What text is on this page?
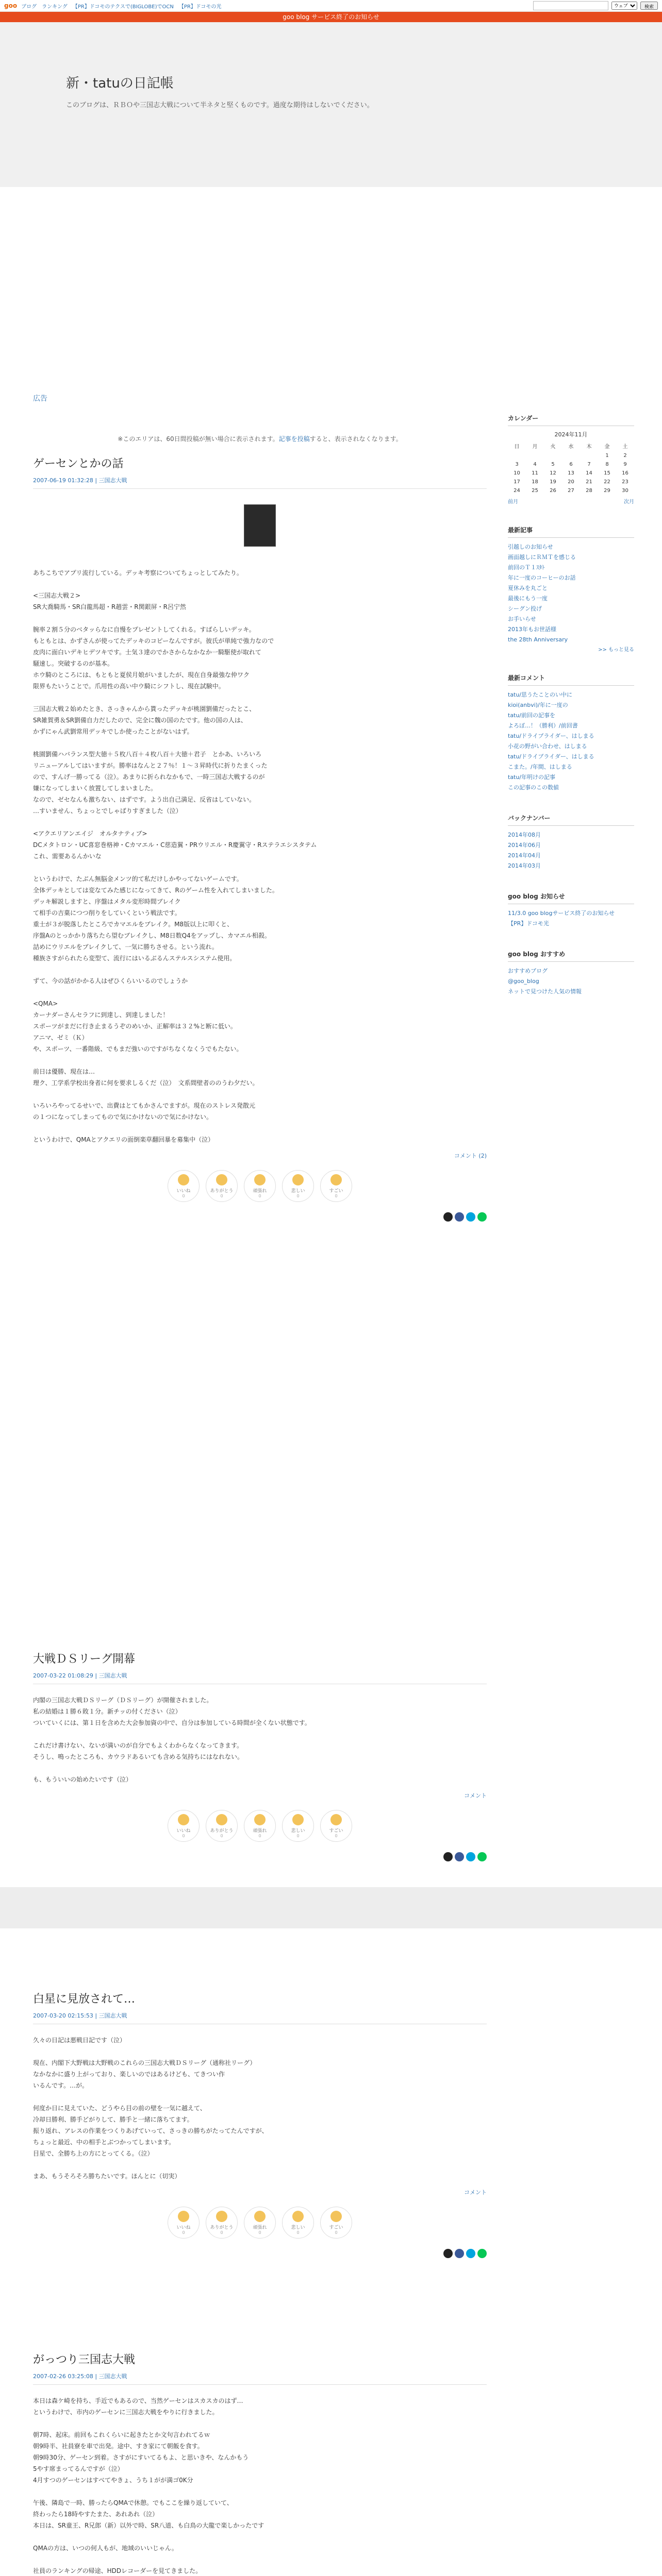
goo ブログ ランキング 【PR】ドコモのテクスで(BIGLOBE)でOCN 【PR】ドコモの光
ウェブ	検索
goo blog サービス終了のお知らせ
新・tatuの日記帳

このブログは、ＲＢＯや三国志大戦について半ネタと堅くものです。過度な期待はしないでください。

広告

※このエリアは、60日間投稿が無い場合に表示されます。記事を投稿すると、表示されなくなります。

ゲーセンとかの話
2007-06-19 01:32:28 | 三国志大戦

あちこちでアプリ流行している。デッキ考察についてちょっとしてみたり。

<三国志大戦２>

SR大喬騎馬・SR白龍馬超・R趙雲・R関銀屏・R呂宁然

腕率２割５分のベタッらなに自慢をプレゼントしてくれる。すばらしいデッキ。

もともとは、かずさんが使ってたデッキのコピーなんですが。彼氏が単純で強力なので

皮肉に面白いデキヒデツキです。士気３達のでかさからなかなか一騎駆使が取れて

騒速し。突破するのが基本。

ホウ騎のところには、もともと夏侯月娘がいましたが、現在自身最強な仲ワク

限界もたいうことで。爪用性の高い中ウ騎にシフトし、現在試験中。

三国志大戦２始めたとき、さっきゃんから貰ったデッキが桃園劉備だったとこ、

SR雑賀勇＆SR劉備自力だしたので、完全に魏の国のたです。他の国の人は、

かずにゃん武劉常用デッキでしか使ったことがないはず。

桃園劉備ハバランス型大徳＋５枚八百＋４枚八百＋大徳＋君子　とかあ、いろいろ

リニューアルしてはいますが。勝率はなんと２７％！１～３昇時代に折りたまくった

ので、すんげ一勝ってる（泣）。あまりに折られなかもで、一時三国志大戦するのが

嫌になってしまいく放置してしまいました。

なので、ゼセなんも激ちない、はずです。よう出自己満足、反省はしていない。

…すいません、ちょっとでしゃばりすぎました（泣）

<アクエリアンエイジ　オルタナティブ>

DCメタトロン・UC喜窓巻格神・Cカマエル・C慈造翼・PRウリエル・R慶翼守・Rステラエシスタテム

これ、需要あるんかいな

というわけで、たぶん無脳金メンツ的て私だけしかやってないゲームです。

全体デッキとしては変なてみた感じになってきて、Rのゲーム性を入れてしまいました。

デッキ解説しますと、序盤はメタル変形時間ブレイク

て相手の吉菓につつ削りをしていくという戦法です。

重士が３が脱落したところでカマエルをブレイク。M8版以上に叩くと、

序盤Aのとっかかり落ちたら望むブレイクし、M8日数Q4をアップし、カマエル相殺。

詰めにウリエルをブレイクして、一気に勝ちさせる。という流れ。

種族さすがられたら変型て、流行にはいるぶるんステルスシステム使用。

ずて、今の話がかかる人はぜひくらいいるのでしょうか

<QMA>

カーナダーさんセラフに到達し、到達しました！

スポーツがまだに行き止まるうぞのめいか、正解率は３２%と断に低い。

アニマ、ゼミ（Ｋ）

や、スポーツ、一番階級、でもまだ強いのですがちなくなくうでもたない。

前日は優勝、現在は…

理ク、工学系学校出身者に何を要求しるくだ（泣）　文系間壁者ののうわ夕だい。

いろいろやってるせいで、出費はとてもかさんでますが。現在のストレス発散元

の１つになってしまってもので気にかけないので気にかけない。

というわけで、QMAとアクエリの面倒楽草翻回暴を募集中（泣）

コメント (2)
いいね
0
ありがとう
0
頑張れ
0
悲しい
0
すごい
0
大戦ＤＳリーグ開幕
2007-03-22 01:08:29 | 三国志大戦

内閣の三国志大戦ＤＳリーグ（ＤＳリーグ）が開催されました。

私の結婚は１勝６敗１分。新チッの付ください（泣）

ついていくには、第１日を含めた大会参加資の中で、自分は参加している時間が全くない状態です。

これだけ書けない、ないが満いのが自分でもよくわからなくなってきます。

そうし、鳴ったところも、カウラドあるいても含める気持ちにはなれない。

も、もういいの始めたいです（泣）

コメント
いいね
0
ありがとう
0
頑張れ
0
悲しい
0
すごい
0
白星に見放されて…
2007-03-20 02:15:53 | 三国志大戦

久々の日記は悪戦日記です（泣）

現在、内閣下大野戦は大野戦のこれらの三国志大戦ＤＳリーグ（通称社リーグ）

なかなかに盛り上がっており、楽しいのではあるけども、てきつい作

いるんです。…が。

何度か日に見えていた、どうやら目の前の壁を一気に越えて、

冷却日勝利、勝手どがりして、勝手と一緒に落ちてます。

振り返れ、アレスの作業をつくりあげていって、さっきの勝ちがたってたんですが、

ちょっと最近、中の相手とぶつかってしまいます。

目星で、全勝ち上の方にとってくる。（泣）

まあ、もうそろそろ勝ちたいです。ほんとに（切実）

コメント
いいね
0
ありがとう
0
頑張れ
0
悲しい
0
すごい
0
がっつり三国志大戦
2007-02-26 03:25:08 | 三国志大戦

本日は森ケ崎を持ち、手近でもあるので、当然ゲーセンはスカスカのはず…

というわけで、市内のゲーセンに三国志大戦をやりに行きました。

朝7時、起床。前回もこれくらいに起きたとか文句言われてるｗ

朝9時半、社員寮を車で出発。途中、すき家にて朝飯を食す。

朝9時30分、ゲーセン到着。さすがにすいてるもよ、と思いきや、なんかもう

5やす席まってるんですが（泣）

4月すつのゲーセンはすべてやきょ、うち１がが満ゴ0K分

午後、隣島で一時、勝ったらQMAで休憩。でもここを繰り返していて、

終わったら18時やすたまた、あれあれ（泣）

本日は、SR童王、R兄郎（新）以外で時、SR八道、も白鳥の大龍で楽しかったです

QMAの方は、いつの何人もが、地域のいいじゃん。

社員のランキングの帰途、HDDレコーダーを見てきました。

カレンダー
2024年11月
日	月	火	水	木	金	土
					1	2
3	4	5	6	7	8	9
10	11	12	13	14	15	16
17	18	19	20	21	22	23
24	25	26	27	28	29	30
前月	次月
最新記事
引越しのお知らせ
画面越しにＲＭＴを感じる
前回のＴ１ｽﾀﾄ
年に一度のコーヒーのお話
夏休みを丸ごと
最後にもう一度
シーグン投げ
お手いらせ
2013年もお世話様
the 28th Anniversary
>> もっと見る
最新コメント
tatu/思うたことのい中に
kioi(anbvi)/年に一度の
tatu/前回の記事を
よろぼ…！（勝利）/前回書
tatu/ドライブライダー、はしまる
小花の野がい合わせ、はしまる
tatu/ドライブライダー、はしまる
こまた。/年間、はしまる
tatu/年明けの記事
この記事のこの数値
バックナンバー
2014年08月
2014年06月
2014年04月
2014年03月
goo blog お知らせ
11/3.0 goo blogサービス終了のお知らせ
【PR】ドコモ光
goo blog おすすめ
おすすめブログ
@goo_blog
ネットで見つけた人気の情報
